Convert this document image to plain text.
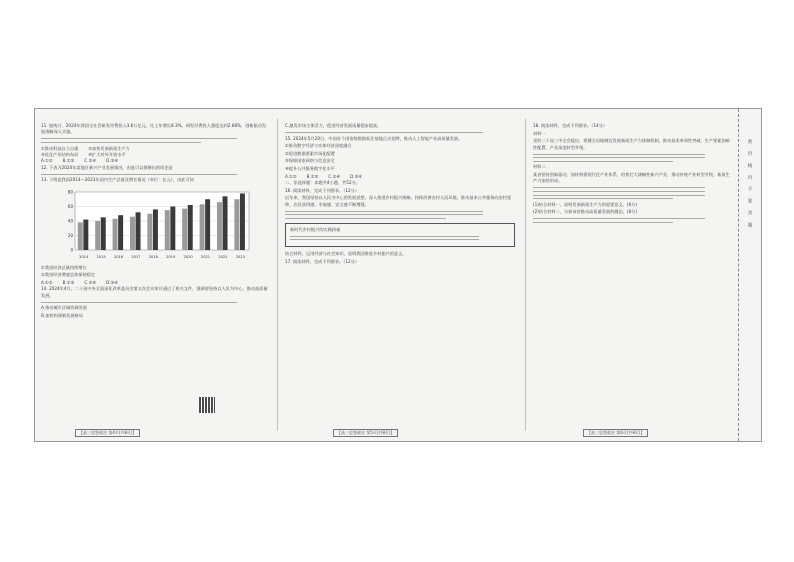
11. 据统计，2024年我国全社会研发经费投入3.6万亿元，比上年增长8.3%，研发经费投入强度达到2.68%，创新驱动发展战略深入实施。

①推动科技自立自强 ②加快发展新质生产力
③优化产业结构布局 ④扩大对外开放水平
A.①② B.①③ C.②④ D.③④

12. 下表为2024年某地区新兴产业发展情况，由此可以推断出的结论是

13. 下图是我国2014—2023年国内生产总值及增长情况（单位：亿元），由此可知

0
20
40
60
80
2014 2015 2016 2017 2018 2019 2020 2021 2022 2023

①我国经济总量持续增长

②我国经济增速总体保持稳定

A.①② B.①③ C.②④ D.③④

14. 2024年4月，二十届中央全面深化改革委员会第五次会议审议通过了相关文件，强调要坚持以人民为中心，推动高质量发展。

A.推动城乡区域协调发展

B.加快构建新发展格局

【高三思想政治 第4页(共8页)】

C.激发市场主体活力，促进经济发展质量稳步提高。

15. 2024年5月20日，中国首个国家级数据标注基地正式挂牌，推动人工智能产业高质量发展。

①推动数字经济与实体经济深度融合

②促进数据要素市场化配置

③保障国家网络与信息安全

④提升公共服务数字化水平

A.①② B.①③ C.②④ D.③④

二、非选择题：本题共4小题，共52分。

16. 阅读材料，完成下列要求。（12分）

近年来，我国坚持以人民为中心的发展思想，深入推进乡村振兴战略，持续改善农村人居环境，推动基本公共服务向农村延伸，农民获得感、幸福感、安全感不断增强。

新时代乡村振兴的实践探索

结合材料，运用经济与社会知识，说明我国推进乡村振兴的意义。

17. 阅读材料，完成下列要求。（12分）

【高三思想政治 第5页(共8页)】

18. 阅读材料，完成下列要求。（14分）

材料一

党的二十届三中全会提出，要健全因地制宜发展新质生产力体制机制，推动技术革命性突破、生产要素创新性配置、产业深度转型升级。

材料二

某省坚持创新驱动，加快构建现代化产业体系，培育壮大战略性新兴产业，推动传统产业转型升级，新质生产力加快形成。

(1)结合材料一，说明发展新质生产力的重要意义。(6分)

(2)结合材料二，分析该省推动高质量发展的做法。(8分)

【高三思想政治 第6页(共8页)】
密 封 线 内 不 要 答 题
